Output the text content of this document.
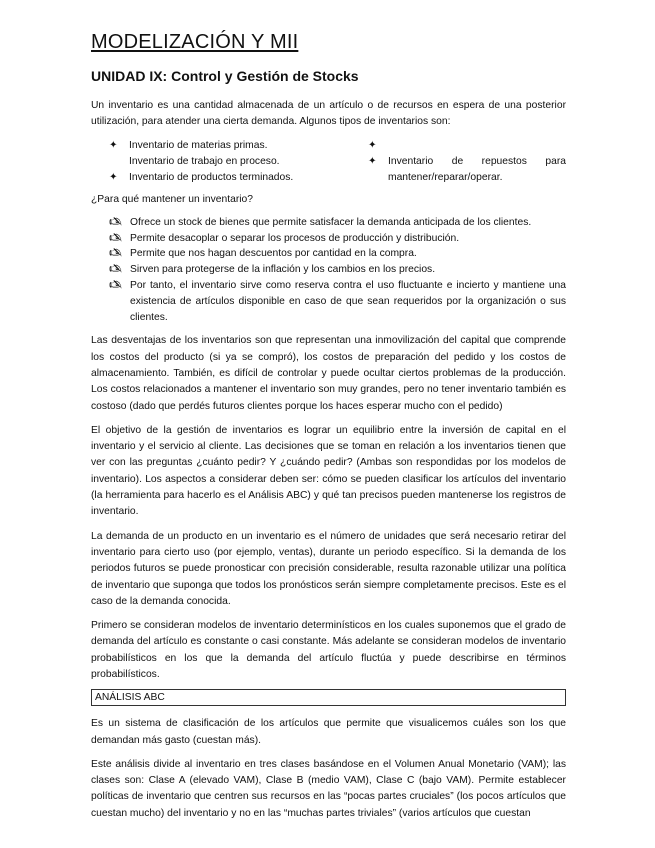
MODELIZACIÓN Y MII
UNIDAD IX: Control y Gestión de Stocks

Un inventario es una cantidad almacenada de un artículo o de recursos en espera de una posterior utilización, para atender una cierta demanda. Algunos tipos de inventarios son:

✦ Inventario de materias primas.
Inventario de trabajo en proceso.
✦ Inventario de productos terminados.
✦

✦ Inventario de repuestos para
mantener/reparar/operar.

¿Para qué mantener un inventario?

🖎 Ofrece un stock de bienes que permite satisfacer la demanda anticipada de los clientes.
🖎 Permite desacoplar o separar los procesos de producción y distribución.
🖎 Permite que nos hagan descuentos por cantidad en la compra.
🖎 Sirven para protegerse de la inflación y los cambios en los precios.
🖎 Por tanto, el inventario sirve como reserva contra el uso fluctuante e incierto y mantiene una existencia de artículos disponible en caso de que sean requeridos por la organización o sus clientes.

Las desventajas de los inventarios son que representan una inmovilización del capital que comprende los costos del producto (si ya se compró), los costos de preparación del pedido y los costos de almacenamiento. También, es difícil de controlar y puede ocultar ciertos problemas de la producción. Los costos relacionados a mantener el inventario son muy grandes, pero no tener inventario también es costoso (dado que perdés futuros clientes porque los haces esperar mucho con el pedido)

El objetivo de la gestión de inventarios es lograr un equilibrio entre la inversión de capital en el inventario y el servicio al cliente. Las decisiones que se toman en relación a los inventarios tienen que ver con las preguntas ¿cuánto pedir? Y ¿cuándo pedir? (Ambas son respondidas por los modelos de inventario). Los aspectos a considerar deben ser: cómo se pueden clasificar los artículos del inventario (la herramienta para hacerlo es el Análisis ABC) y qué tan precisos pueden mantenerse los registros de inventario.

La demanda de un producto en un inventario es el número de unidades que será necesario retirar del inventario para cierto uso (por ejemplo, ventas), durante un periodo específico. Si la demanda de los periodos futuros se puede pronosticar con precisión considerable, resulta razonable utilizar una política de inventario que suponga que todos los pronósticos serán siempre completamente precisos. Este es el caso de la demanda conocida.

Primero se consideran modelos de inventario determinísticos en los cuales suponemos que el grado de demanda del artículo es constante o casi constante. Más adelante se consideran modelos de inventario probabilísticos en los que la demanda del artículo fluctúa y puede describirse en términos probabilísticos.

ANÁLISIS ABC

Es un sistema de clasificación de los artículos que permite que visualicemos cuáles son los que demandan más gasto (cuestan más).

Este análisis divide al inventario en tres clases basándose en el Volumen Anual Monetario (VAM); las clases son: Clase A (elevado VAM), Clase B (medio VAM), Clase C (bajo VAM). Permite establecer políticas de inventario que centren sus recursos en las “pocas partes cruciales” (los pocos artículos que cuestan mucho) del inventario y no en las “muchas partes triviales” (varios artículos que cuestan
